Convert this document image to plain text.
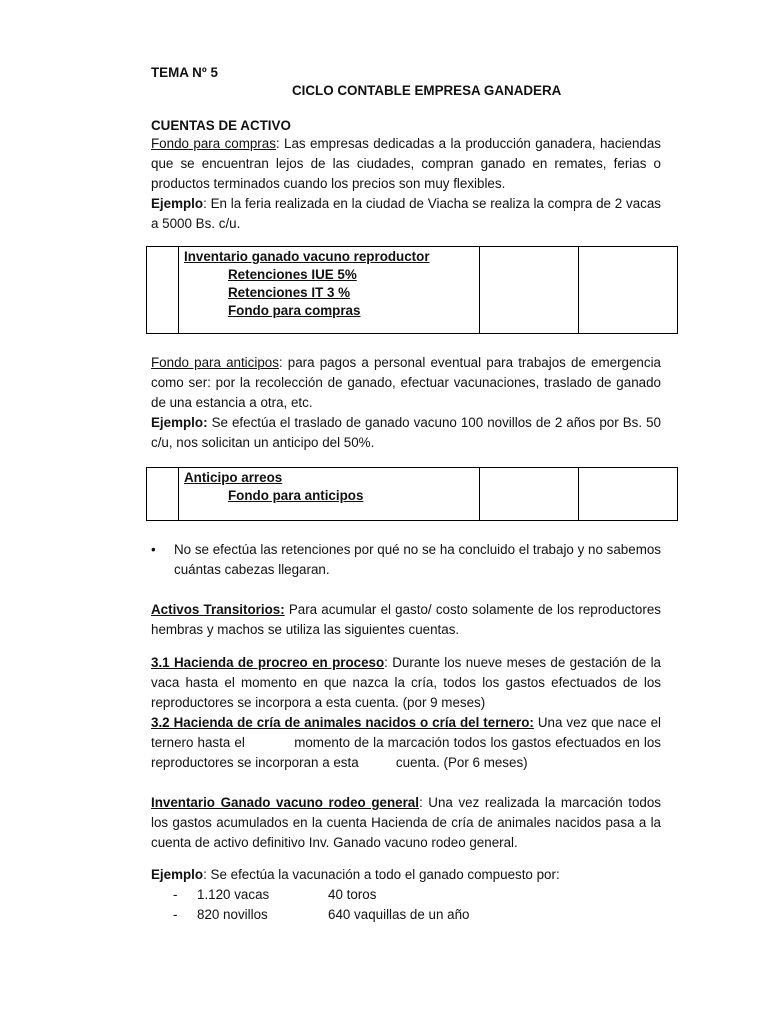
TEMA Nº 5
CICLO CONTABLE EMPRESA GANADERA
CUENTAS DE ACTIVO
Fondo para compras: Las empresas dedicadas a la producción ganadera, haciendas que se encuentran lejos de las ciudades, compran ganado en remates, ferias o productos terminados cuando los precios son muy flexibles.
Ejemplo: En la feria realizada en la ciudad de Viacha se realiza la compra de 2 vacas a 5000 Bs. c/u.

Inventario ganado vacuno reproductor
Retenciones IUE 5%
Retenciones IT 3 %
Fondo para compras

Fondo para anticipos: para pagos a personal eventual para trabajos de emergencia como ser: por la recolección de ganado, efectuar vacunaciones, traslado de ganado de una estancia a otra, etc.
Ejemplo: Se efectúa el traslado de ganado vacuno 100 novillos de 2 años por Bs. 50 c/u, nos solicitan un anticipo del 50%.

Anticipo arreos
Fondo para anticipos

• No se efectúa las retenciones por qué no se ha concluido el trabajo y no sabemos cuántas cabezas llegaran.
Activos Transitorios: Para acumular el gasto/ costo solamente de los reproductores hembras y machos se utiliza las siguientes cuentas.
3.1 Hacienda de procreo en proceso: Durante los nueve meses de gestación de la vaca hasta el momento en que nazca la cría, todos los gastos efectuados de los reproductores se incorpora a esta cuenta. (por 9 meses)
3.2 Hacienda de cría de animales nacidos o cría del ternero: Una vez que nace el ternero hasta el            momento de la marcación todos los gastos efectuados en los reproductores se incorporan a esta          cuenta. (Por 6 meses)
Inventario Ganado vacuno rodeo general: Una vez realizada la marcación todos los gastos acumulados en la cuenta Hacienda de cría de animales nacidos pasa a la cuenta de activo definitivo Inv. Ganado vacuno rodeo general.
Ejemplo: Se efectúa la vacunación a todo el ganado compuesto por:
- 1.120 vacas	40 toros
- 820 novillos	640 vaquillas de un año
